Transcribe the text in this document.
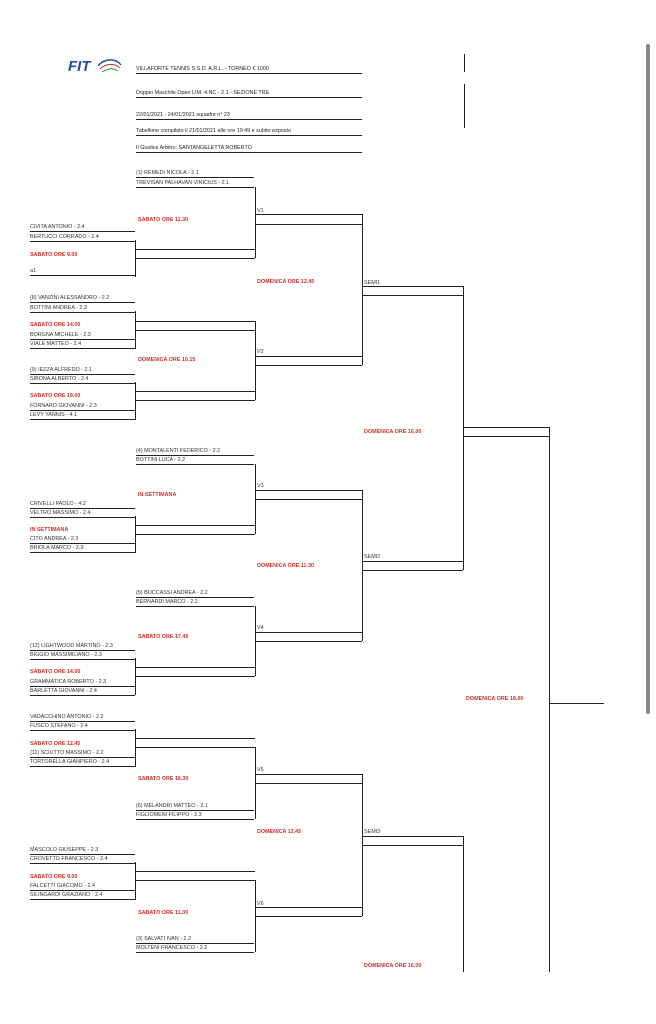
FIT	VILLAFORTE TENNIS S.S.D. A.R.L. - TORNEO € 1000
Doppio Maschile Open LIM. 4.NC - 2.1 - SEZIONE TRE
22/01/2021 - 24/01/2021 squadre n° 23
Tabellone compilato il 21/01/2021 alle ore 19:49 e subito esposto
Il Giudice Arbitro: SANTANGELETTA ROBERTO
(1) REMEDI NICOLA - 2.1
TREVISAN PALHAVAN VINICIUS - 2.1
CIVITA ANTONIO - 2.4
BERTUCCI CORRADO - 2.4
a1
(8) VANZINI ALESSANDRO - 2.2
BOTTINI ANDREA - 2.3
BORGNA MICHELE - 2.3
VIALE MATTEO - 2.4
(9) IEZZA ALFREDO - 2.1
SIBONA ALBERTO - 2.4
FORNARO GIOVANNI - 2.3
LEVY YANNIS - 4.1
(4) MONTALENTI FEDERICO - 2.2
BOTTINI LUCA - 2.2
CRIVELLI PAOLO - 4.2
VELTRO MASSIMO - 2.4
CITO ANDREA - 2.3
BRIOLA MARCO - 2.3
(5) BOCCASSI ANDREA - 2.2
BERNARDI MARCO - 2.2
(12) LIGHTWOOD MARTINO - 2.3
BIGGIO MASSIMILIANO - 2.3
GRAMMATICA ROBERTO - 2.3
BARLETTA GIOVANNI - 2.4
VADACCHINO ANTONIO - 2.2
FUSCO STEFANO - 2.4
(11) SCIUTTO MASSIMO - 2.2
TORTORELLA GIANPIERO - 2.4
(6) MELANDRI MATTEO - 2.1
FIGLIOMENI FILIPPO - 2.3
MASCOLO GIUSEPPE - 2.3
CROVETTO FRANCESCO - 2.4
FALCETTI GIACOMO - 2.4
SILINGARDI GRAZIANO - 2.4
(3) SALVATI IVAN - 2.2
MOLTENI FRANCESCO - 2.2
SABATO ORE 11.30
SABATO ORE 9.00
SABATO ORE 14.00
DOMENICA ORE 10.15
SABATO ORE 19.00
DOMENICA ORE 12.45
DOMENICA ORE 16.00
IN SETTIMANA
IN SETTIMANA
DOMENICA ORE 11.30
SABATO ORE 17.45
SABATO ORE 14.00
DOMENICA ORE 18.00
SABATO ORE 12.45
SABATO ORE 16.30
DOMENICA 12.45
SABATO ORE 9.00
SABATO ORE 11.30
DOMENICA ORE 16.00
V1
V2
V3
V4
V5
V6
SEMI1
SEMI2
SEMI3
